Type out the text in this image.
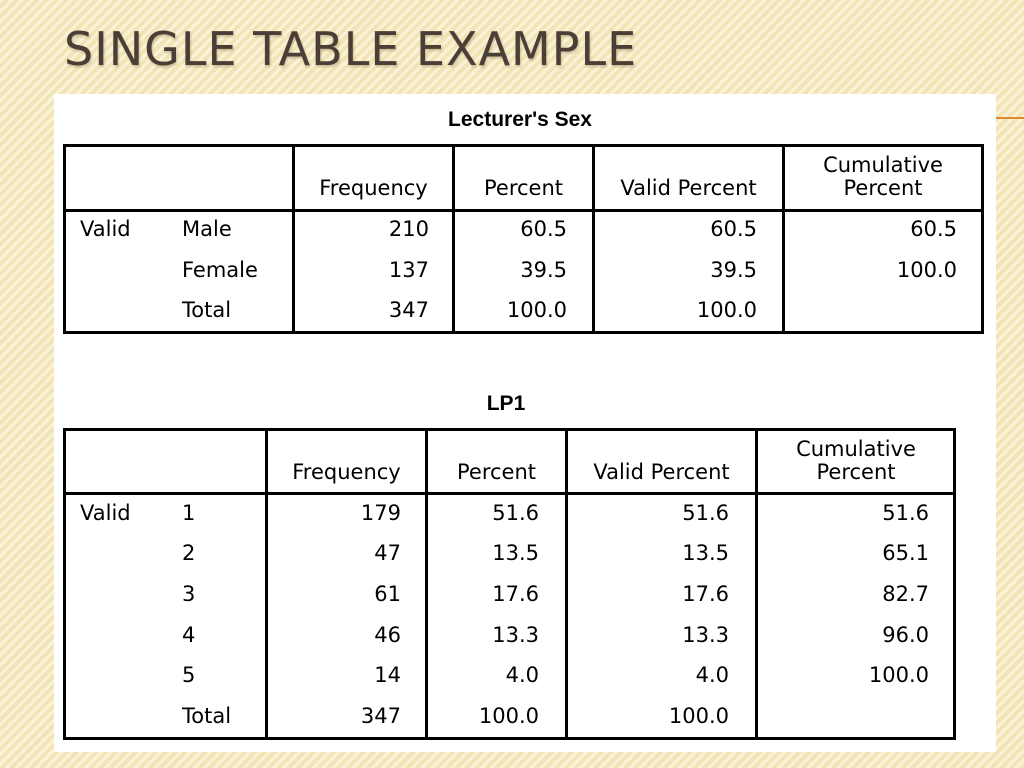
SINGLE TABLE EXAMPLE
Lecturer's Sex
Frequency	Percent	Valid Percent
Cumulative
Percent
Valid Male	210	60.5	60.5	60.5
Female	137	39.5	39.5	100.0
Total	347	100.0	100.0
LP1
Frequency	Percent	Valid Percent
Cumulative
Percent
Valid 1	179	51.6	51.6	51.6
2	47	13.5	13.5	65.1
3	61	17.6	17.6	82.7
4	46	13.3	13.3	96.0
5	14	4.0	4.0	100.0
Total	347	100.0	100.0
